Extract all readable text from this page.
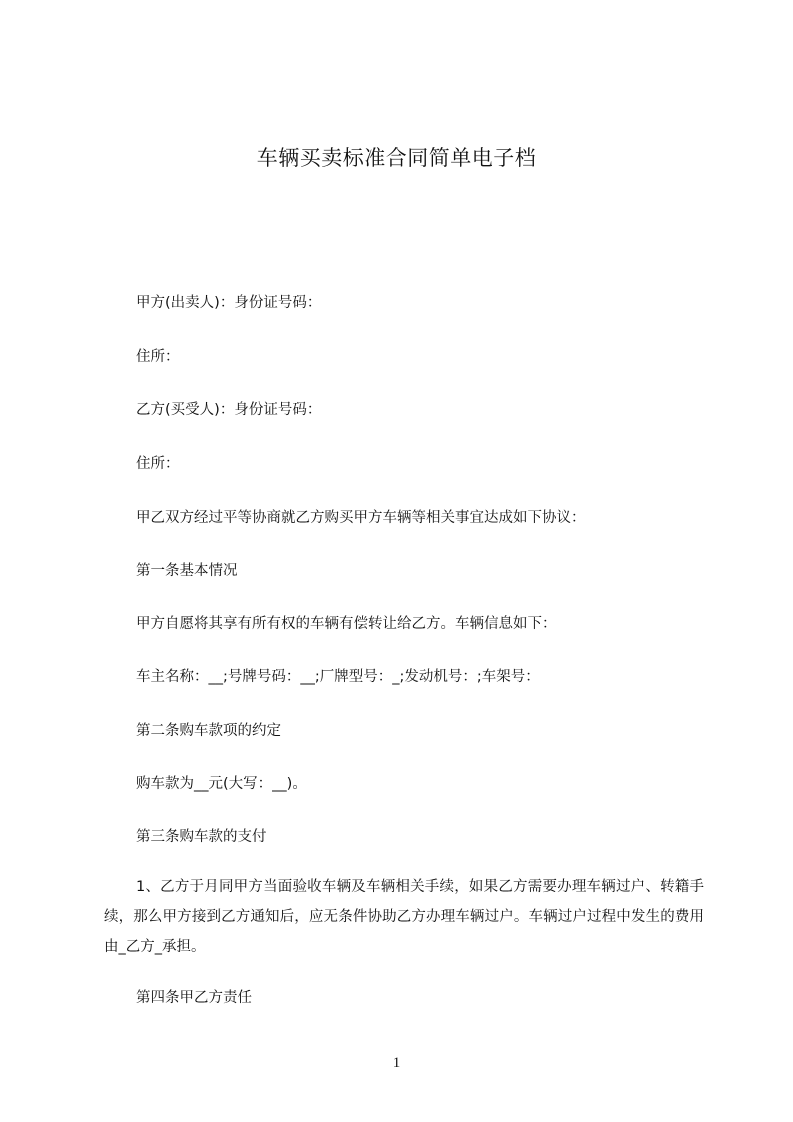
车辆买卖标准合同简单电子档
甲方(出卖人)：身份证号码：
住所：
乙方(买受人)：身份证号码：
住所：
甲乙双方经过平等协商就乙方购买甲方车辆等相关事宜达成如下协议：
第一条基本情况
甲方自愿将其享有所有权的车辆有偿转让给乙方。车辆信息如下：
车主名称：__;号牌号码：__;厂牌型号：_;发动机号：;车架号：
第二条购车款项的约定
购车款为__元(大写：__)。
第三条购车款的支付
1、乙方于月同甲方当面验收车辆及车辆相关手续，如果乙方需要办理车辆过户、转籍手续，那么甲方接到乙方通知后，应无条件协助乙方办理车辆过户。车辆过户过程中发生的费用由_乙方_承担。
第四条甲乙方责任
1
